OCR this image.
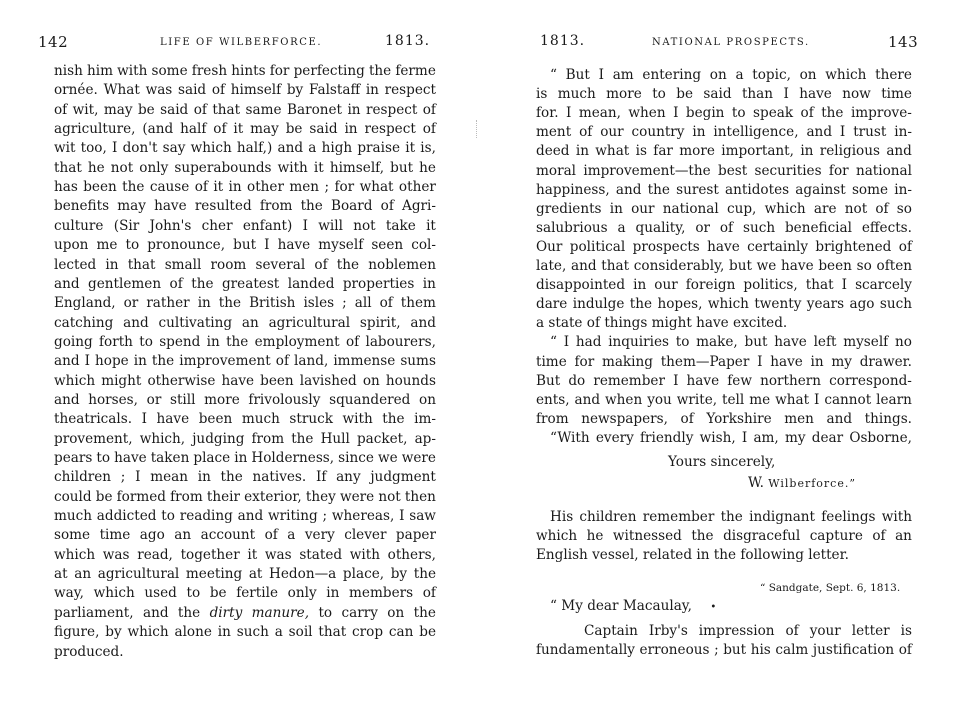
142	LIFE OF WILBERFORCE.	1813.
nish him with some fresh hints for perfecting the ferme
ornée. What was said of himself by Falstaff in respect
of wit, may be said of that same Baronet in respect of
agriculture, (and half of it may be said in respect of
wit too, I don't say which half,) and a high praise it is,
that he not only superabounds with it himself, but he
has been the cause of it in other men ; for what other
benefits may have resulted from the Board of Agri-
culture (Sir John's cher enfant) I will not take it
upon me to pronounce, but I have myself seen col-
lected in that small room several of the noblemen
and gentlemen of the greatest landed properties in
England, or rather in the British isles ; all of them
catching and cultivating an agricultural spirit, and
going forth to spend in the employment of labourers,
and I hope in the improvement of land, immense sums
which might otherwise have been lavished on hounds
and horses, or still more frivolously squandered on
theatricals. I have been much struck with the im-
provement, which, judging from the Hull packet, ap-
pears to have taken place in Holderness, since we were
children ; I mean in the natives. If any judgment
could be formed from their exterior, they were not then
much addicted to reading and writing ; whereas, I saw
some time ago an account of a very clever paper
which was read, together it was stated with others,
at an agricultural meeting at Hedon—a place, by the
way, which used to be fertile only in members of
parliament, and the dirty manure, to carry on the
figure, by which alone in such a soil that crop can be
produced.
1813.	NATIONAL PROSPECTS.	143
“ But I am entering on a topic, on which there
is much more to be said than I have now time
for. I mean, when I begin to speak of the improve-
ment of our country in intelligence, and I trust in-
deed in what is far more important, in religious and
moral improvement—the best securities for national
happiness, and the surest antidotes against some in-
gredients in our national cup, which are not of so
salubrious a quality, or of such beneficial effects.
Our political prospects have certainly brightened of
late, and that considerably, but we have been so often
disappointed in our foreign politics, that I scarcely
dare indulge the hopes, which twenty years ago such
a state of things might have excited.
“ I had inquiries to make, but have left myself no
time for making them—Paper I have in my drawer.
But do remember I have few northern correspond-
ents, and when you write, tell me what I cannot learn
from newspapers, of Yorkshire men and things.
“With every friendly wish, I am, my dear Osborne,
Yours sincerely,
W. Wilberforce.”
His children remember the indignant feelings with
which he witnessed the disgraceful capture of an
English vessel, related in the following letter.
“ Sandgate, Sept. 6, 1813.
“ My dear Macaulay, •
Captain Irby's impression of your letter is
fundamentally erroneous ; but his calm justification of
